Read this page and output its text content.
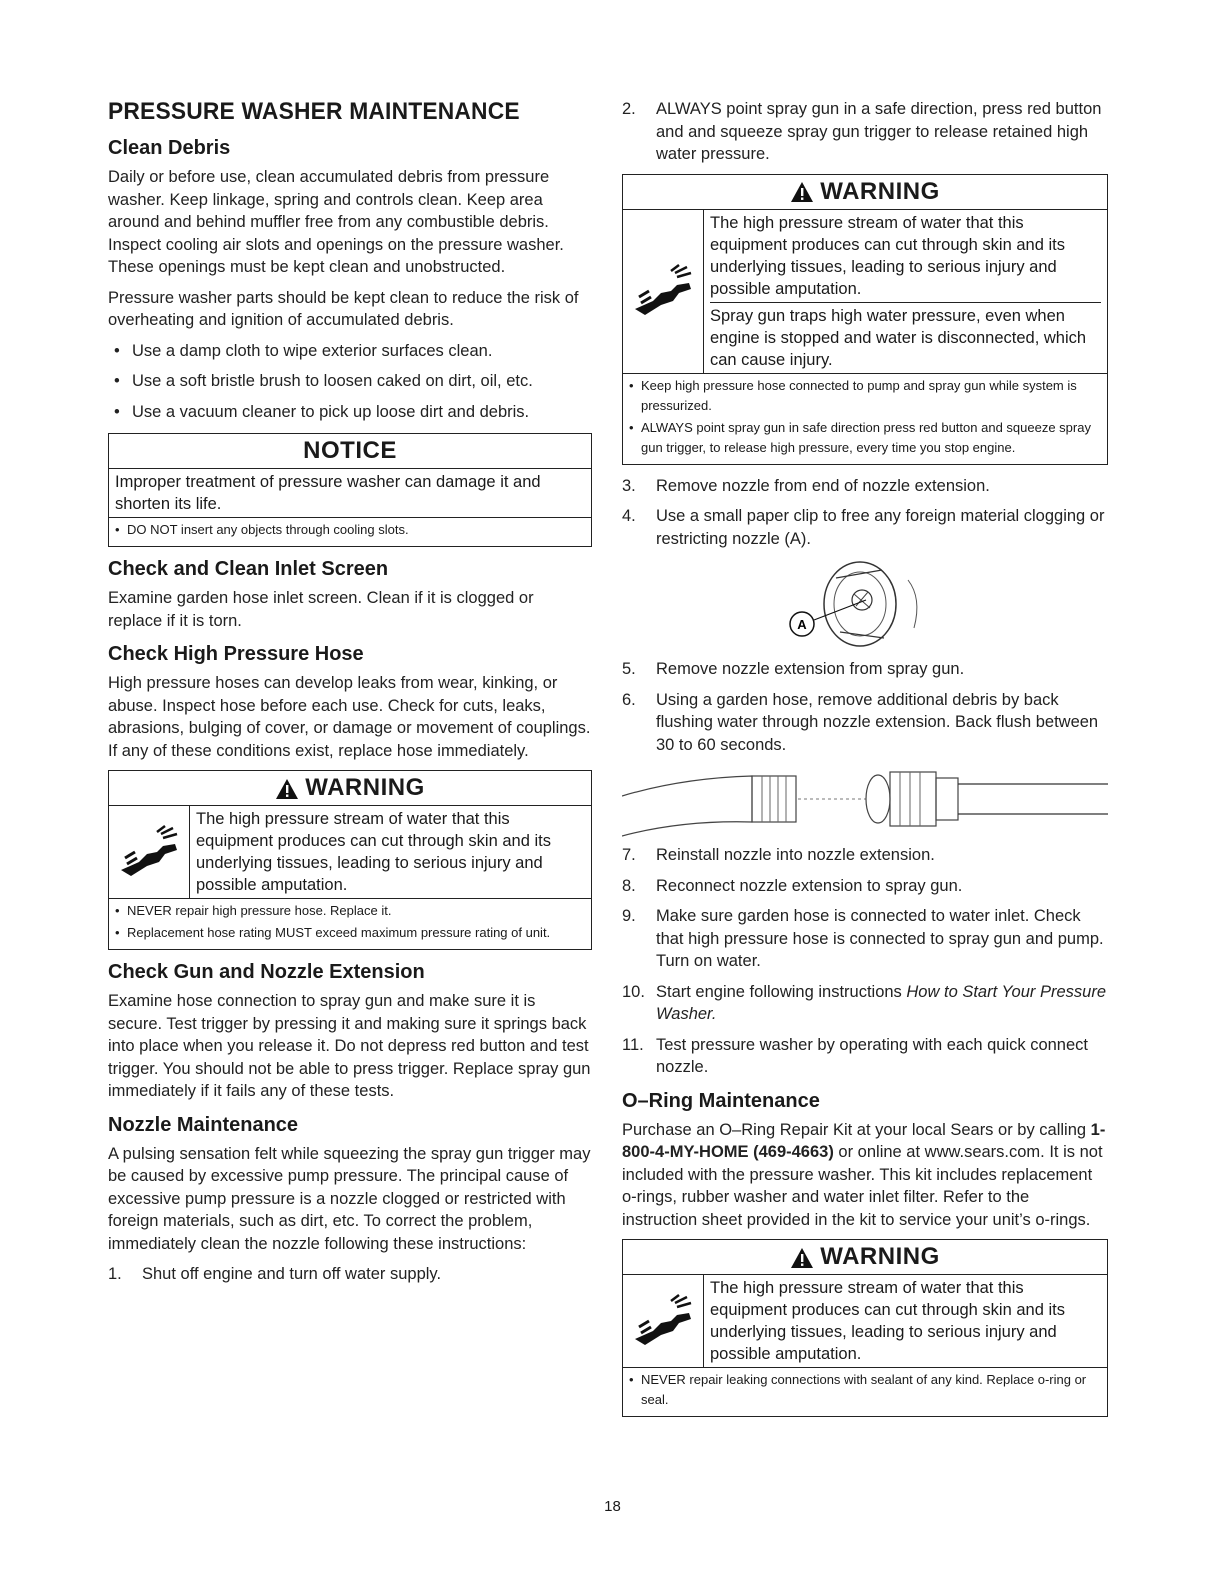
PRESSURE WASHER MAINTENANCE
Clean Debris

Daily or before use, clean accumulated debris from pressure washer. Keep linkage, spring and controls clean. Keep area around and behind muffler free from any combustible debris. Inspect cooling air slots and openings on the pressure washer. These openings must be kept clean and unobstructed.

Pressure washer parts should be kept clean to reduce the risk of overheating and ignition of accumulated debris.

• Use a damp cloth to wipe exterior surfaces clean.
• Use a soft bristle brush to loosen caked on dirt, oil, etc.
• Use a vacuum cleaner to pick up loose dirt and debris.
NOTICE
Improper treatment of pressure washer can damage it and shorten its life.
• DO NOT insert any objects through cooling slots.
Check and Clean Inlet Screen

Examine garden hose inlet screen. Clean if it is clogged or replace if it is torn.

Check High Pressure Hose

High pressure hoses can develop leaks from wear, kinking, or abuse. Inspect hose before each use. Check for cuts, leaks, abrasions, bulging of cover, or damage or movement of couplings. If any of these conditions exist, replace hose immediately.

WARNING
The high pressure stream of water that this equipment produces can cut through skin and its underlying tissues, leading to serious injury and possible amputation.
• NEVER repair high pressure hose. Replace it.
• Replacement hose rating MUST exceed maximum pressure rating of unit.
Check Gun and Nozzle Extension

Examine hose connection to spray gun and make sure it is secure. Test trigger by pressing it and making sure it springs back into place when you release it. Do not depress red button and test trigger. You should not be able to press trigger. Replace spray gun immediately if it fails any of these tests.

Nozzle Maintenance

A pulsing sensation felt while squeezing the spray gun trigger may be caused by excessive pump pressure. The principal cause of excessive pump pressure is a nozzle clogged or restricted with foreign materials, such as dirt, etc. To correct the problem, immediately clean the nozzle following these instructions:

1. Shut off engine and turn off water supply.
2. ALWAYS point spray gun in a safe direction, press red button and and squeeze spray gun trigger to release retained high water pressure.
WARNING
The high pressure stream of water that this equipment produces can cut through skin and its underlying tissues, leading to serious injury and possible amputation.
Spray gun traps high water pressure, even when engine is stopped and water is disconnected, which can cause injury.
• Keep high pressure hose connected to pump and spray gun while system is pressurized.
• ALWAYS point spray gun in safe direction press red button and squeeze spray gun trigger, to release high pressure, every time you stop engine.
3. Remove nozzle from end of nozzle extension.
4. Use a small paper clip to free any foreign material clogging or restricting nozzle (A).
A
5. Remove nozzle extension from spray gun.
6. Using a garden hose, remove additional debris by back flushing water through nozzle extension. Back flush between 30 to 60 seconds.
7. Reinstall nozzle into nozzle extension.
8. Reconnect nozzle extension to spray gun.
9. Make sure garden hose is connected to water inlet. Check that high pressure hose is connected to spray gun and pump. Turn on water.
10. Start engine following instructions How to Start Your Pressure Washer.
11. Test pressure washer by operating with each quick connect nozzle.
O–Ring Maintenance

Purchase an O–Ring Repair Kit at your local Sears or by calling 1-800-4-MY-HOME (469-4663) or online at www.sears.com. It is not included with the pressure washer. This kit includes replacement o-rings, rubber washer and water inlet filter. Refer to the instruction sheet provided in the kit to service your unit’s o-rings.

WARNING
The high pressure stream of water that this equipment produces can cut through skin and its underlying tissues, leading to serious injury and possible amputation.
• NEVER repair leaking connections with sealant of any kind. Replace o-ring or seal.
18
